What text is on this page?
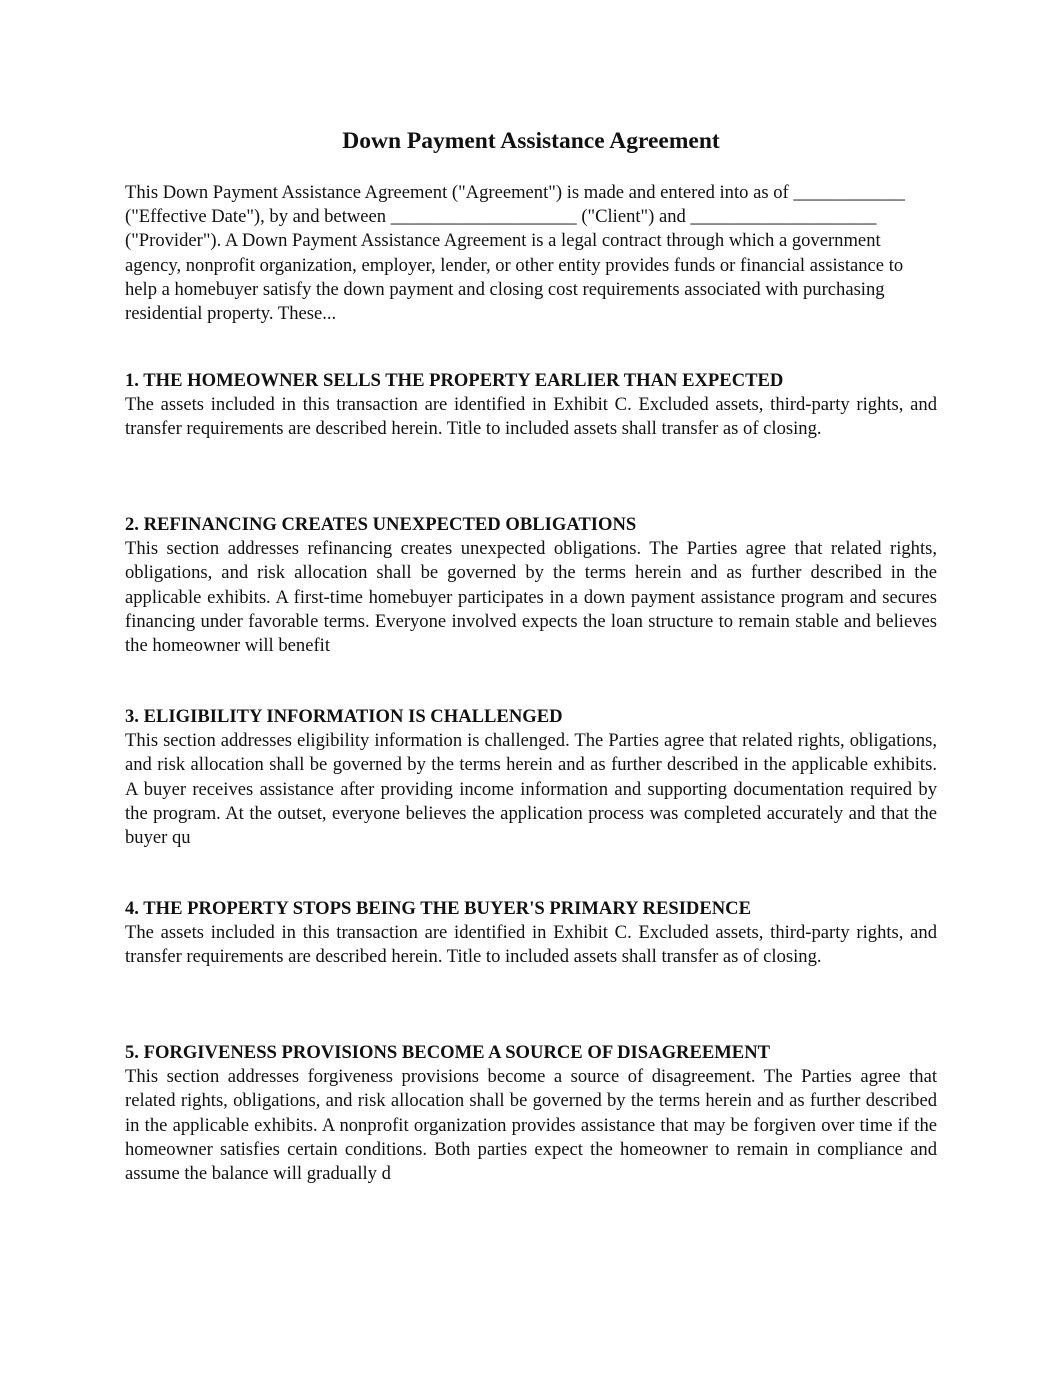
Down Payment Assistance Agreement

This Down Payment Assistance Agreement ("Agreement") is made and entered into as of ____________ ("Effective Date"), by and between ____________________ ("Client") and ____________________ ("Provider"). A Down Payment Assistance Agreement is a legal contract through which a government agency, nonprofit organization, employer, lender, or other entity provides funds or financial assistance to help a homebuyer satisfy the down payment and closing cost requirements associated with purchasing residential property. These...

1. THE HOMEOWNER SELLS THE PROPERTY EARLIER THAN EXPECTED

The assets included in this transaction are identified in Exhibit C. Excluded assets, third-party rights, and transfer requirements are described herein. Title to included assets shall transfer as of closing.

2. REFINANCING CREATES UNEXPECTED OBLIGATIONS

This section addresses refinancing creates unexpected obligations. The Parties agree that related rights, obligations, and risk allocation shall be governed by the terms herein and as further described in the applicable exhibits. A first-time homebuyer participates in a down payment assistance program and secures financing under favorable terms. Everyone involved expects the loan structure to remain stable and believes the homeowner will benefit

3. ELIGIBILITY INFORMATION IS CHALLENGED

This section addresses eligibility information is challenged. The Parties agree that related rights, obligations, and risk allocation shall be governed by the terms herein and as further described in the applicable exhibits. A buyer receives assistance after providing income information and supporting documentation required by the program. At the outset, everyone believes the application process was completed accurately and that the buyer qu

4. THE PROPERTY STOPS BEING THE BUYER'S PRIMARY RESIDENCE

The assets included in this transaction are identified in Exhibit C. Excluded assets, third-party rights, and transfer requirements are described herein. Title to included assets shall transfer as of closing.

5. FORGIVENESS PROVISIONS BECOME A SOURCE OF DISAGREEMENT

This section addresses forgiveness provisions become a source of disagreement. The Parties agree that related rights, obligations, and risk allocation shall be governed by the terms herein and as further described in the applicable exhibits. A nonprofit organization provides assistance that may be forgiven over time if the homeowner satisfies certain conditions. Both parties expect the homeowner to remain in compliance and assume the balance will gradually d
